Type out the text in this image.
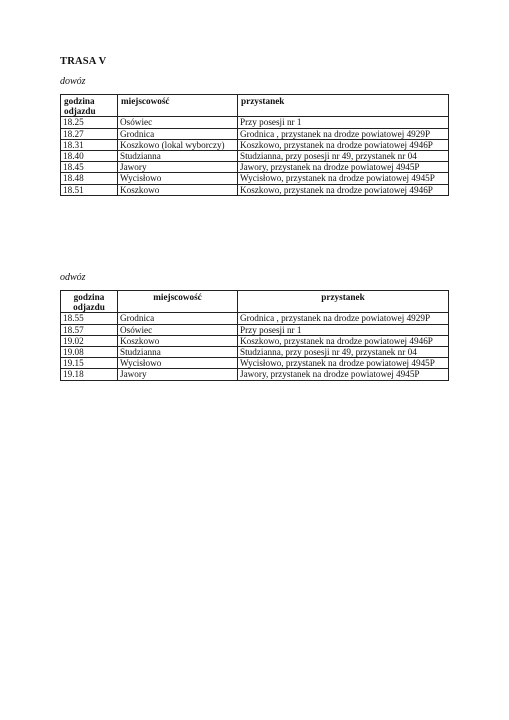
TRASA V
dowóz
godzina odjazdu	miejscowość	przystanek
18.25	Osówiec	Przy posesji nr 1
18.27	Grodnica	Grodnica , przystanek na drodze powiatowej 4929P
18.31	Koszkowo (lokal wyborczy)	Koszkowo, przystanek na drodze powiatowej 4946P
18.40	Studzianna	Studzianna, przy posesji nr 49, przystanek nr 04
18.45	Jawory	Jawory, przystanek na drodze powiatowej 4945P
18.48	Wycisłowo	Wycisłowo, przystanek na drodze powiatowej 4945P
18.51	Koszkowo	Koszkowo, przystanek na drodze powiatowej 4946P
odwóz
godzina odjazdu	miejscowość	przystanek
18.55	Grodnica	Grodnica , przystanek na drodze powiatowej 4929P
18.57	Osówiec	Przy posesji nr 1
19.02	Koszkowo	Koszkowo, przystanek na drodze powiatowej 4946P
19.08	Studzianna	Studzianna, przy posesji nr 49, przystanek nr 04
19.15	Wycisłowo	Wycisłowo, przystanek na drodze powiatowej 4945P
19.18	Jawory	Jawory, przystanek na drodze powiatowej 4945P
